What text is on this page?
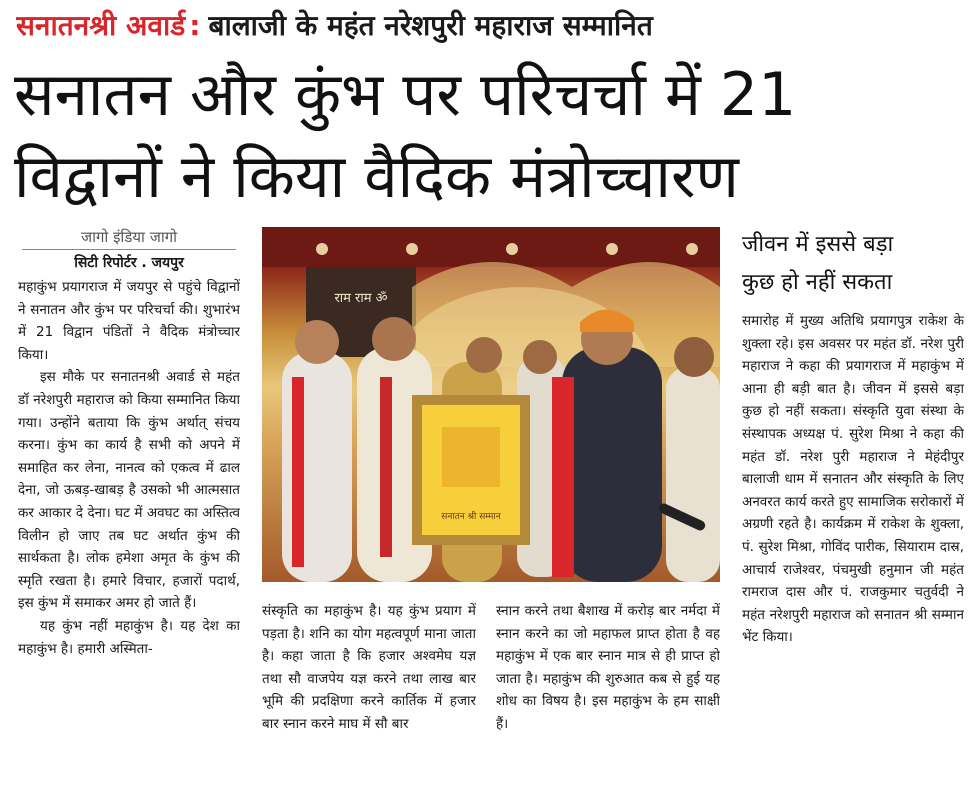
सनातनश्री अवार्ड : बालाजी के महंत नरेशपुरी महाराज सम्मानित
सनातन और कुंभ पर परिचर्चा में 21
विद्वानों ने किया वैदिक मंत्रोच्चारण
जागो इंडिया जागो
सिटी रिपोर्टर . जयपुर

महाकुंभ प्रयागराज में जयपुर से पहुंचे विद्वानों ने सनातन और कुंभ पर परिचर्चा की। शुभारंभ में 21 विद्वान पंडितों ने वैदिक मंत्रोच्चार किया।

इस मौके पर सनातनश्री अवार्ड से महंत डॉ नरेशपुरी महाराज को किया सम्मानित किया गया। उन्होंने बताया कि कुंभ अर्थात् संचय करना। कुंभ का कार्य है सभी को अपने में समाहित कर लेना, नानत्व को एकत्व में ढाल देना, जो ऊबड़-खाबड़ है उसको भी आत्मसात कर आकार दे देना। घट में अवघट का अस्तित्व विलीन हो जाए तब घट अर्थात कुंभ की सार्थकता है। लोक हमेशा अमृत के कुंभ की स्मृति रखता है। हमारे विचार, हजारों पदार्थ, इस कुंभ में समाकर अमर हो जाते हैं।

यह कुंभ नहीं महाकुंभ है। यह देश का महाकुंभ है। हमारी अस्मिता-

राम राम ॐ
सनातन श्री सम्मान

संस्कृति का महाकुंभ है। यह कुंभ प्रयाग में पड़ता है। शनि का योग महत्वपूर्ण माना जाता है। कहा जाता है कि हजार अश्वमेघ यज्ञ तथा सौ वाजपेय यज्ञ करने तथा लाख बार भूमि की प्रदक्षिणा करने कार्तिक में हजार बार स्नान करने माघ में सौ बार

स्नान करने तथा बैशाख में करोड़ बार नर्मदा में स्नान करने का जो महाफल प्राप्त होता है वह महाकुंभ में एक बार स्नान मात्र से ही प्राप्त हो जाता है। महाकुंभ की शुरुआत कब से हुई यह शोध का विषय है। इस महाकुंभ के हम साक्षी हैं।

जीवन में इससे बड़ा
कुछ हो नहीं सकता

समारोह में मुख्य अतिथि प्रयागपुत्र राकेश के शुक्ला रहे। इस अवसर पर महंत डॉ. नरेश पुरी महाराज ने कहा की प्रयागराज में महाकुंभ में आना ही बड़ी बात है। जीवन में इससे बड़ा कुछ हो नहीं सकता। संस्कृति युवा संस्था के संस्थापक अध्यक्ष पं. सुरेश मिश्रा ने कहा की महंत डॉ. नरेश पुरी महाराज ने मेहंदीपुर बालाजी धाम में सनातन और संस्कृति के लिए अनवरत कार्य करते हुए सामाजिक सरोकारों में अग्रणी रहते है। कार्यक्रम में राकेश के शुक्ला, पं. सुरेश मिश्रा, गोविंद पारीक, सियाराम दास्र, आचार्य राजेश्वर, पंचमुखी हनुमान जी महंत रामराज दास और पं. राजकुमार चतुर्वदी ने महंत नरेशपुरी महाराज को सनातन श्री सम्मान भेंट किया।
